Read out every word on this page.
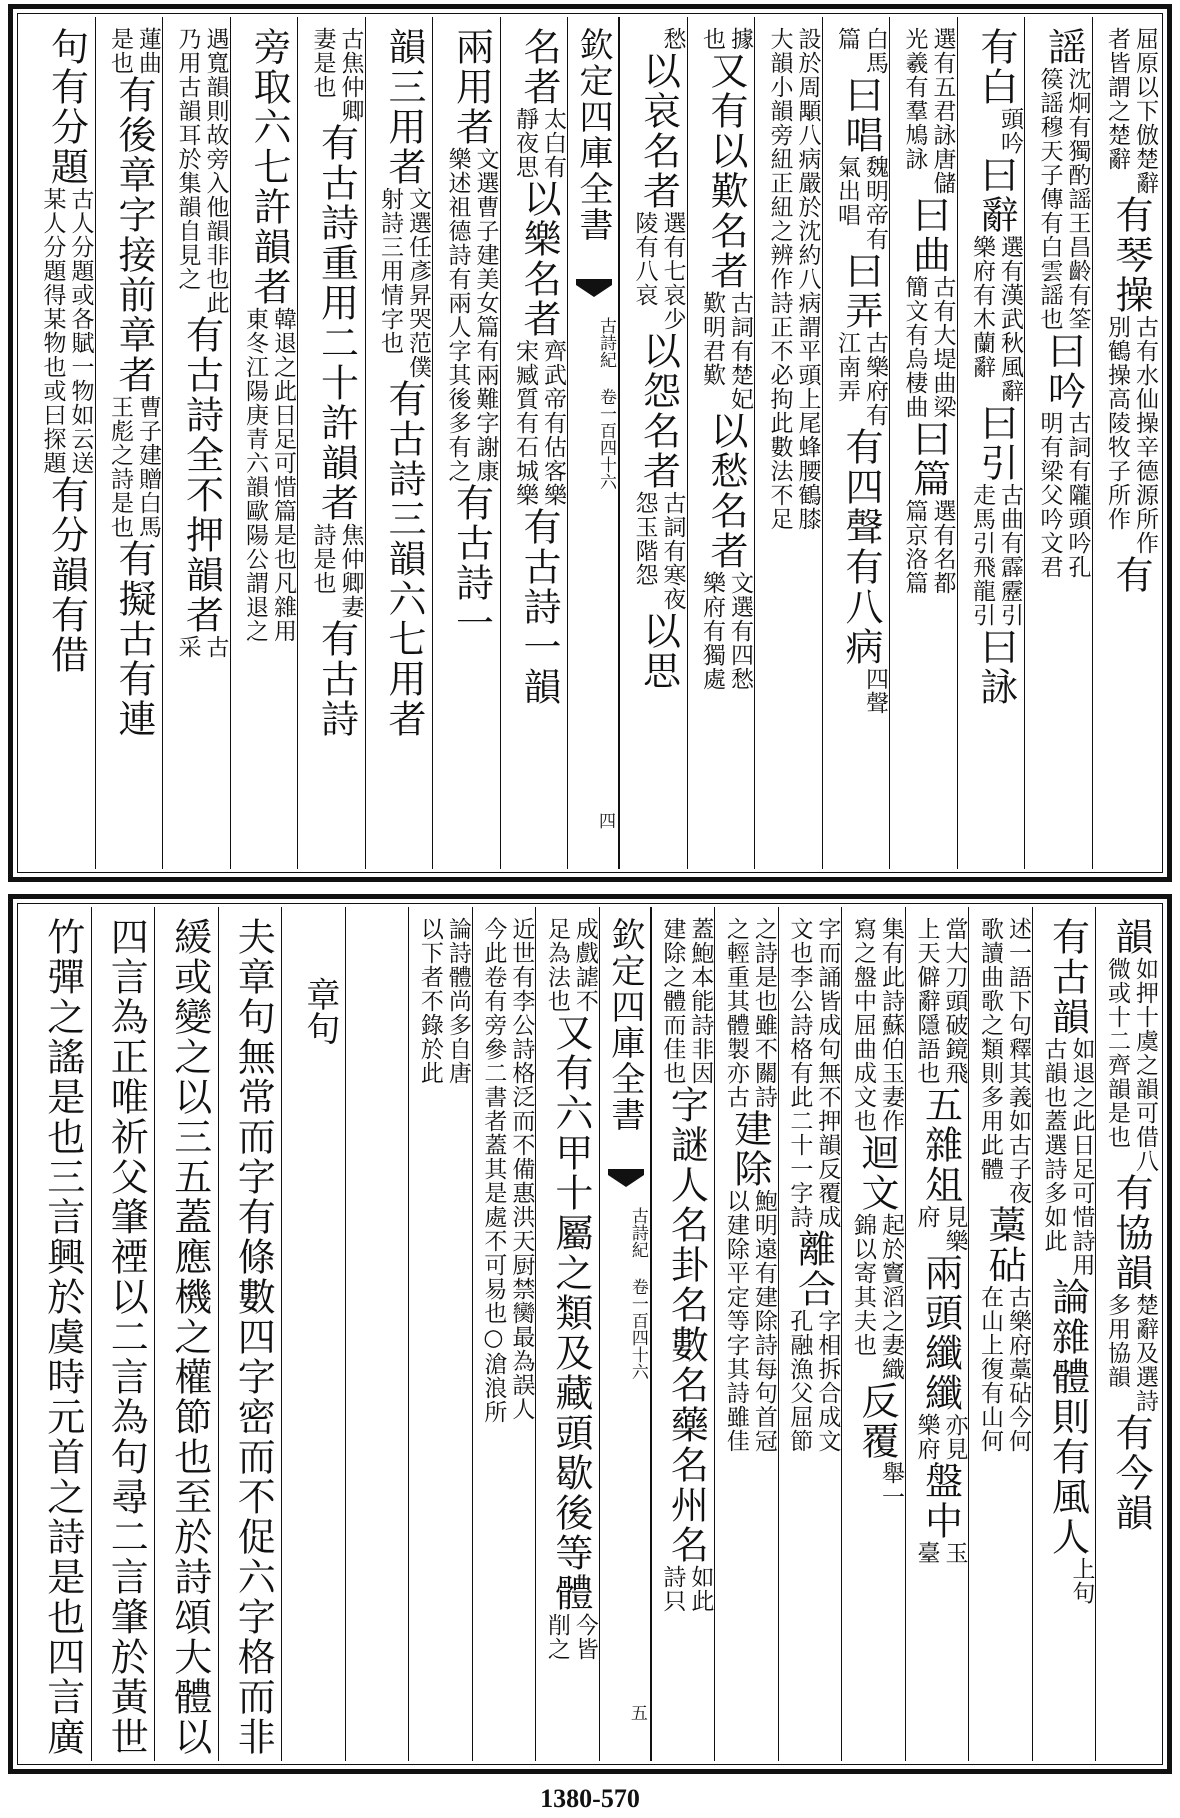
屈原以下倣楚辭
者皆謂之楚辭
有琴操
古有水仙操辛德源所作
別鶴操高陵牧子所作
有
謡
沈炯有獨酌謡王昌齡有筌
篌謡穆天子傳有白雲謡也
曰吟
古詞有隴頭吟孔
明有梁父吟文君
有白
頭吟
曰辭
選有漢武秋風辭
樂府有木蘭辭
曰引
古曲有霹靂引
走馬引飛龍引
曰詠
選有五君詠唐儲
光羲有羣鳩詠
曰曲
古有大堤曲梁
簡文有烏棲曲
曰篇
選有名都
篇京洛篇
白馬
篇
曰唱
魏明帝有
氣出唱
曰弄
古樂府有
江南弄
有四聲有八病
四聲
設於周顒八病嚴於沈約八病謂平頭上尾蜂腰鶴膝
大韻小韻旁紐正紐之辨作詩正不必拘此數法不足
據
也
又有以歎名者
古詞有楚妃
歎明君歎
以愁名者
文選有四愁
樂府有獨處
愁
以哀名者
選有七哀少
陵有八哀
以怨名者
古詞有寒夜
怨玉階怨
以思
欽定四庫全書
古詩紀 卷一百四十六
四
名者
太白有
靜夜思
以樂名者
齊武帝有估客樂
宋臧質有石城樂
有古詩一韻
兩用者
文選曹子建美女篇有兩難字謝康
樂述祖德詩有兩人字其後多有之
有古詩一
韻三用者
文選任彥昇哭范僕
射詩三用情字也
有古詩三韻六七用者
古焦仲卿
妻是也
有古詩重用二十許韻者
焦仲卿妻
詩是也
有古詩
旁取六七許韻者
韓退之此日足可惜篇是也凡雜用
東冬江陽庚青六韻歐陽公謂退之
遇寬韻則故旁入他韻非也此
乃用古韻耳於集韻自見之
有古詩全不押韻者
古
采
蓮曲
是也
有後章字接前章者
曹子建贈白馬
王彪之詩是也
有擬古有連
句有分題
古人分題或各賦一物如云送
某人分題得某物也或曰探題
有分韻有借
韻
如押十虞之韻可借八
微或十二齊韻是也
有協韻
楚辭及選詩
多用協韻
有今韻
有古韻
如退之此日足可惜詩用
古韻也蓋選詩多如此
論雜體則有風人
上句
述一語下句釋其義如古子夜
歌讀曲歌之類則多用此體
藁砧
古樂府藁砧今何
在山上復有山何
當大刀頭破鏡飛
上天僻辭隱語也
五雜俎
見樂
府
兩頭纖纖
亦見
樂府
盤中
玉
臺
集有此詩蘇伯玉妻作
寫之盤中屈曲成文也
迴文
起於竇滔之妻織
錦以寄其夫也
反覆
舉一
字而誦皆成句無不押韻反覆成
文也李公詩格有此二十一字詩
離合
字相拆合成文
孔融漁父屈節
之詩是也雖不關詩
之輕重其體製亦古
建除
鮑明遠有建除詩每句首冠
以建除平定等字其詩雖佳
蓋鮑本能詩非因
建除之體而佳也
字謎人名卦名數名藥名州名
如此
詩只
欽定四庫全書
古詩紀 卷一百四十六
五
成戲謔不
足為法也
又有六甲十屬之類及藏頭歇後等體
今皆
削之
近世有李公詩格泛而不備惠洪天厨禁臠最為誤人
今此卷有旁參二書者蓋其是處不可易也○滄浪所
論詩體尚多自唐
以下者不錄於此
章句
夫章句無常而字有條數四字密而不促六字格而非
緩或變之以三五蓋應機之權節也至於詩頌大體以
四言為正唯祈父肇禋以二言為句尋二言肇於黃世
竹彈之謠是也三言興於虞時元首之詩是也四言廣
1380-570
